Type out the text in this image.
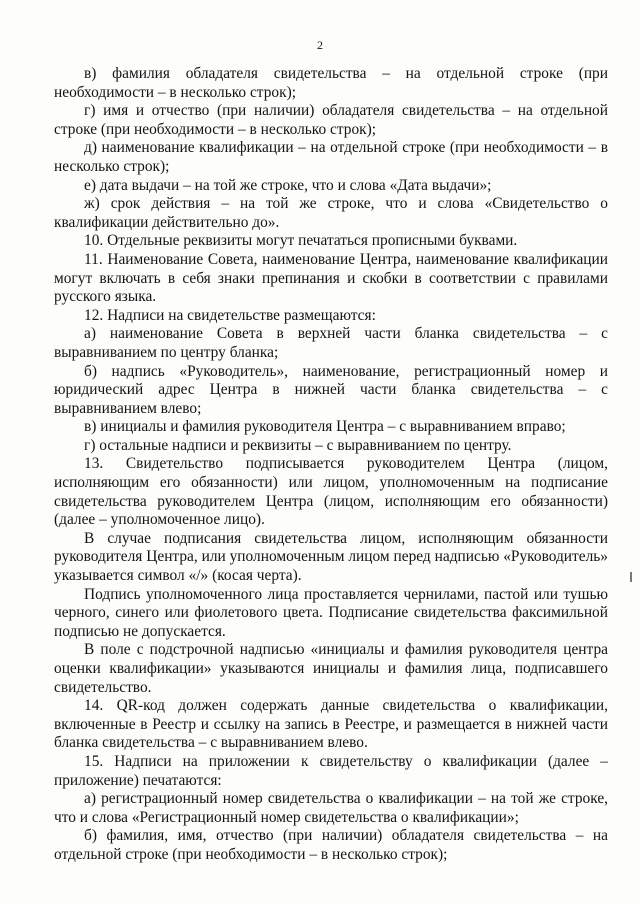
2

в) фамилия обладателя свидетельства – на отдельной строке (при необходимости – в несколько строк);

г) имя и отчество (при наличии) обладателя свидетельства – на отдельной строке (при необходимости – в несколько строк);

д) наименование квалификации – на отдельной строке (при необходимости – в несколько строк);

е) дата выдачи – на той же строке, что и слова «Дата выдачи»;

ж) срок действия – на той же строке, что и слова «Свидетельство о квалификации действительно до».

10. Отдельные реквизиты могут печататься прописными буквами.

11. Наименование Совета, наименование Центра, наименование квалификации могут включать в себя знаки препинания и скобки в соответствии с правилами русского языка.

12. Надписи на свидетельстве размещаются:

а) наименование Совета в верхней части бланка свидетельства – с выравниванием по центру бланка;

б) надпись «Руководитель», наименование, регистрационный номер и юридический адрес Центра в нижней части бланка свидетельства – с выравниванием влево;

в) инициалы и фамилия руководителя Центра – с выравниванием вправо;

г) остальные надписи и реквизиты – с выравниванием по центру.

13. Свидетельство подписывается руководителем Центра (лицом, исполняющим его обязанности) или лицом, уполномоченным на подписание свидетельства руководителем Центра (лицом, исполняющим его обязанности) (далее – уполномоченное лицо).

В случае подписания свидетельства лицом, исполняющим обязанности руководителя Центра, или уполномоченным лицом перед надписью «Руководитель» указывается символ «/» (косая черта).

Подпись уполномоченного лица проставляется чернилами, пастой или тушью черного, синего или фиолетового цвета. Подписание свидетельства факсимильной подписью не допускается.

В поле с подстрочной надписью «инициалы и фамилия руководителя центра оценки квалификации» указываются инициалы и фамилия лица, подписавшего свидетельство.

14. QR-код должен содержать данные свидетельства о квалификации, включенные в Реестр и ссылку на запись в Реестре, и размещается в нижней части бланка свидетельства – с выравниванием влево.

15. Надписи на приложении к свидетельству о квалификации (далее – приложение) печатаются:

а) регистрационный номер свидетельства о квалификации – на той же строке, что и слова «Регистрационный номер свидетельства о квалификации»;

б) фамилия, имя, отчество (при наличии) обладателя свидетельства – на отдельной строке (при необходимости – в несколько строк);
